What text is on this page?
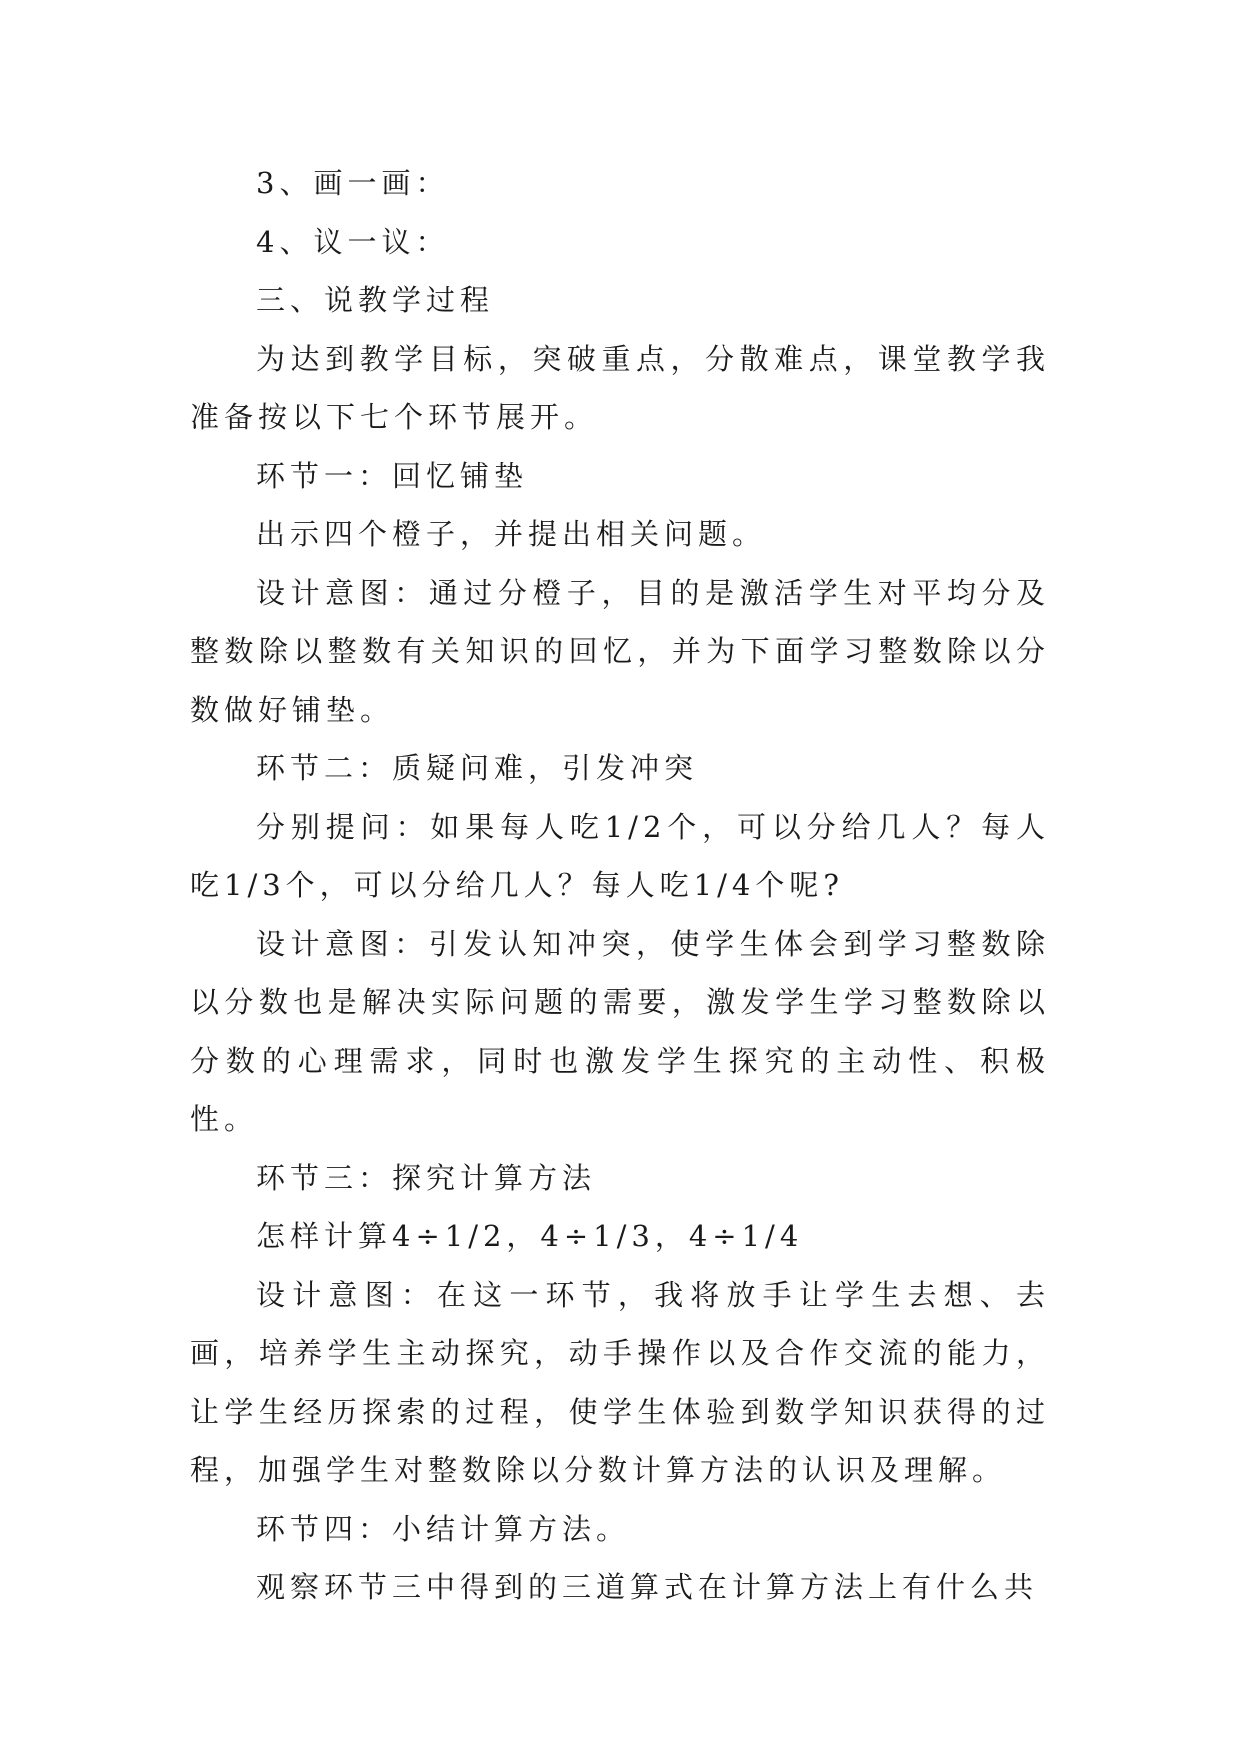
3、画一画：

4、议一议：

三、说教学过程

为达到教学目标，突破重点，分散难点，课堂教学我准备按以下七个环节展开。

环节一：回忆铺垫

出示四个橙子，并提出相关问题。

设计意图：通过分橙子，目的是激活学生对平均分及整数除以整数有关知识的回忆，并为下面学习整数除以分数做好铺垫。

环节二：质疑问难，引发冲突

分别提问：如果每人吃1/2个，可以分给几人？每人吃1/3个，可以分给几人？每人吃1/4个呢?

设计意图：引发认知冲突，使学生体会到学习整数除以分数也是解决实际问题的需要，激发学生学习整数除以分数的心理需求，同时也激发学生探究的主动性、积极性。

环节三：探究计算方法

怎样计算4÷1/2，4÷1/3，4÷1/4

设计意图：在这一环节，我将放手让学生去想、去画，培养学生主动探究，动手操作以及合作交流的能力，让学生经历探索的过程，使学生体验到数学知识获得的过程，加强学生对整数除以分数计算方法的认识及理解。

环节四：小结计算方法。

观察环节三中得到的三道算式在计算方法上有什么共
